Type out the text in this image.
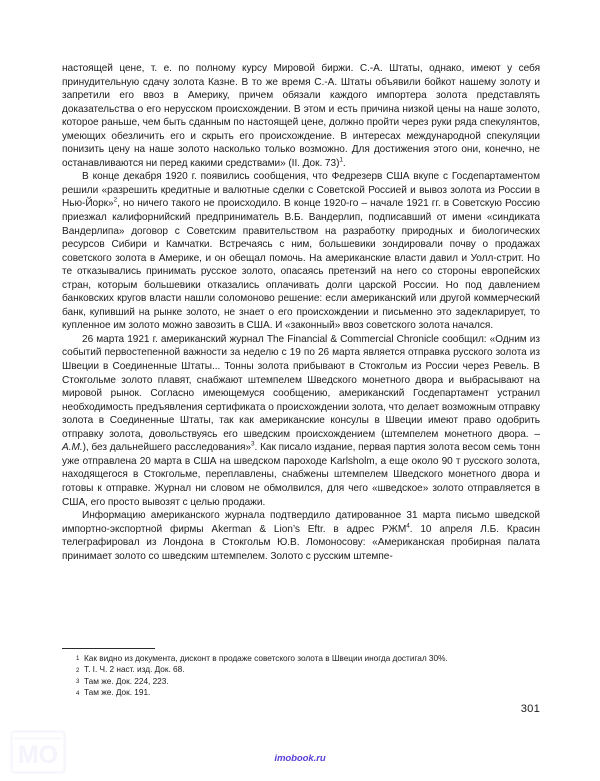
настоящей цене, т. е. по полному курсу Мировой биржи. С.-А. Штаты, однако, имеют у себя принудительную сдачу золота Казне. В то же время С.-А. Штаты объявили бойкот нашему золоту и запретили его ввоз в Америку, причем обязали каждого импортера золота представлять доказательства о его нерусском происхождении. В этом и есть причина низкой цены на наше золото, которое раньше, чем быть сданным по настоящей цене, должно пройти через руки ряда спекулянтов, умеющих обезличить его и скрыть его происхождение. В интересах международной спекуляции понизить цену на наше золото насколько только возможно. Для достижения этого они, конечно, не останавливаются ни перед какими средствами» (II. Док. 73)$^1$.

В конце декабря 1920 г. появились сообщения, что Федрезерв США вкупе с Госдепартаментом решили «разрешить кредитные и валютные сделки с Советской Россией и вывоз золота из России в Нью-Йорк»$^2$, но ничего такого не происходило. В конце 1920-го – начале 1921 гг. в Советскую Россию приезжал калифорнийский предприниматель В.Б. Вандерлип, подписавший от имени «синдиката Вандерлипа» договор с Советским правительством на разработку природных и биологических ресурсов Сибири и Камчатки. Встречаясь с ним, большевики зондировали почву о продажах советского золота в Америке, и он обещал помочь. На американские власти давил и Уолл-стрит. Но те отказывались принимать русское золото, опасаясь претензий на него со стороны европейских стран, которым большевики отказались оплачивать долги царской России. Но под давлением банковских кругов власти нашли соломоново решение: если американский или другой коммерческий банк, купивший на рынке золото, не знает о его происхождении и письменно это задекларирует, то купленное им золото можно завозить в США. И «законный» ввоз советского золота начался.

26 марта 1921 г. американский журнал The Financial & Commercial Chronicle сообщил: «Одним из событий первостепенной важности за неделю с 19 по 26 марта является отправка русского золота из Швеции в Соединенные Штаты... Тонны золота прибывают в Стокгольм из России через Ревель. В Стокгольме золото плавят, снабжают штемпелем Шведского монетного двора и выбрасывают на мировой рынок. Согласно имеющемуся сообщению, американский Госдепартамент устранил необходимость предъявления сертификата о происхождении золота, что делает возможным отправку золота в Соединенные Штаты, так как американские консулы в Швеции имеют право одобрить отправку золота, довольствуясь его шведским происхождением (штемпелем монетного двора. – А.М.), без дальнейшего расследования»$^3$. Как писало издание, первая партия золота весом семь тонн уже отправлена 20 марта в США на шведском пароходе Karlsholm, а еще около 90 т русского золота, находящегося в Стокгольме, переплавлены, снабжены штемпелем Шведского монетного двора и готовы к отправке. Журнал ни словом не обмолвился, для чего «шведское» золото отправляется в США, его просто вывозят с целью продажи.

Информацию американского журнала подтвердило датированное 31 марта письмо шведской импортно-экспортной фирмы Akerman & Lion’s Eftr. в адрес РЖМ$^4$. 10 апреля Л.Б. Красин телеграфировал из Лондона в Стокгольм Ю.В. Ломоносову: «Американская пробирная палата принимает золото со шведским штемпелем. Золото с русским штемпе-

1 Как видно из документа, дисконт в продаже советского золота в Швеции иногда достигал 30%.
2 Т. I. Ч. 2 наст. изд. Док. 68.
3 Там же. Док. 224, 223.
4 Там же. Док. 191.
301
MO	imobook.ru
